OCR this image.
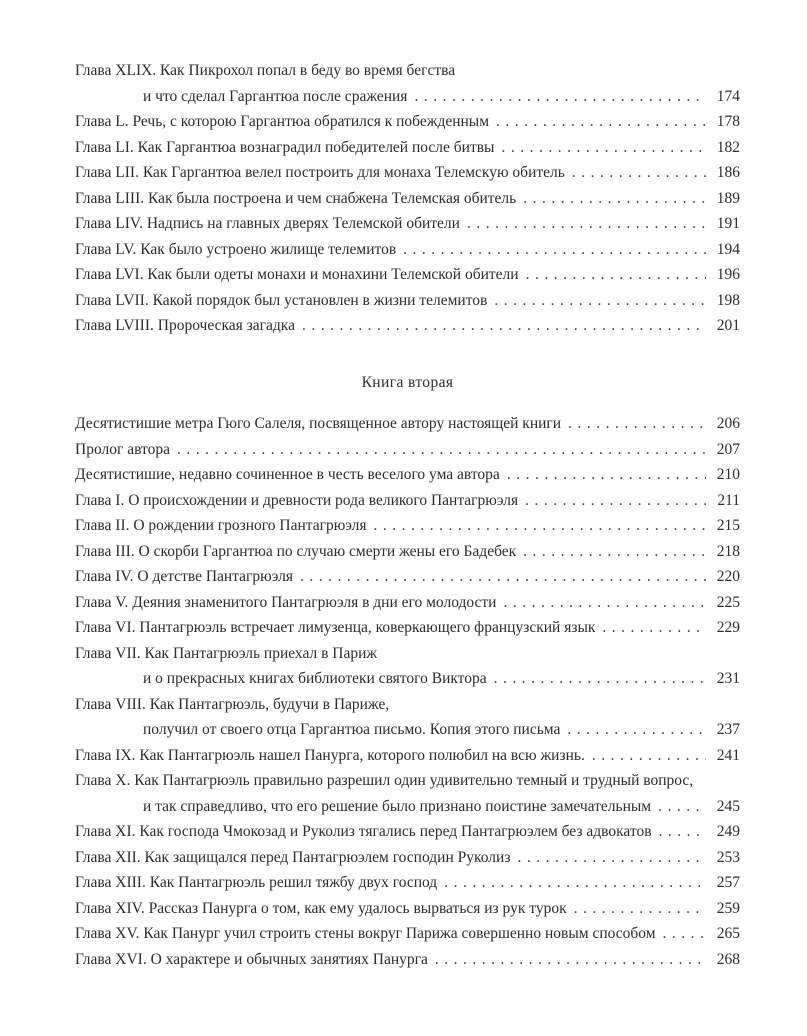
Глава XLIX. Как Пикрохол попал в беду во время бегства
и что сделал Гаргантюа после сражения .....	174
Глава L. Речь, с которою Гаргантюа обратился к побежденным .....	178
Глава LI. Как Гаргантюа вознаградил победителей после битвы .....	182
Глава LII. Как Гаргантюа велел построить для монаха Телемскую обитель .....	186
Глава LIII. Как была построена и чем снабжена Телемская обитель .....	189
Глава LIV. Надпись на главных дверях Телемской обители .....	191
Глава LV. Как было устроено жилище телемитов .....	194
Глава LVI. Как были одеты монахи и монахини Телемской обители .....	196
Глава LVII. Какой порядок был установлен в жизни телемитов .....	198
Глава LVIII. Пророческая загадка .....	201
Книга вторая
Десятистишие метра Гюго Салеля, посвященное автору настоящей книги .....	206
Пролог автора .....	207
Десятистишие, недавно сочиненное в честь веселого ума автора .....	210
Глава I. О происхождении и древности рода великого Пантагрюэля .....	211
Глава II. О рождении грозного Пантагрюэля .....	215
Глава III. О скорби Гаргантюа по случаю смерти жены его Бадебек .....	218
Глава IV. О детстве Пантагрюэля .....	220
Глава V. Деяния знаменитого Пантагрюэля в дни его молодости .....	225
Глава VI. Пантагрюэль встречает лимузенца, коверкающего французский язык .....	229
Глава VII. Как Пантагрюэль приехал в Париж
и о прекрасных книгах библиотеки святого Виктора .....	231
Глава VIII. Как Пантагрюэль, будучи в Париже,
получил от своего отца Гаргантюа письмо. Копия этого письма .....	237
Глава IX. Как Пантагрюэль нашел Панурга, которого полюбил на всю жизнь. .....	241
Глава X. Как Пантагрюэль правильно разрешил один удивительно темный и трудный вопрос,
и так справедливо, что его решение было признано поистине замечательным .....	245
Глава XI. Как господа Чмокозад и Руколиз тягались перед Пантагрюэлем без адвокатов .....	249
Глава XII. Как защищался перед Пантагрюэлем господин Руколиз .....	253
Глава XIII. Как Пантагрюэль решил тяжбу двух господ .....	257
Глава XIV. Рассказ Панурга о том, как ему удалось вырваться из рук турок .....	259
Глава XV. Как Панург учил строить стены вокруг Парижа совершенно новым способом .....	265
Глава XVI. О характере и обычных занятиях Панурга .....	268
